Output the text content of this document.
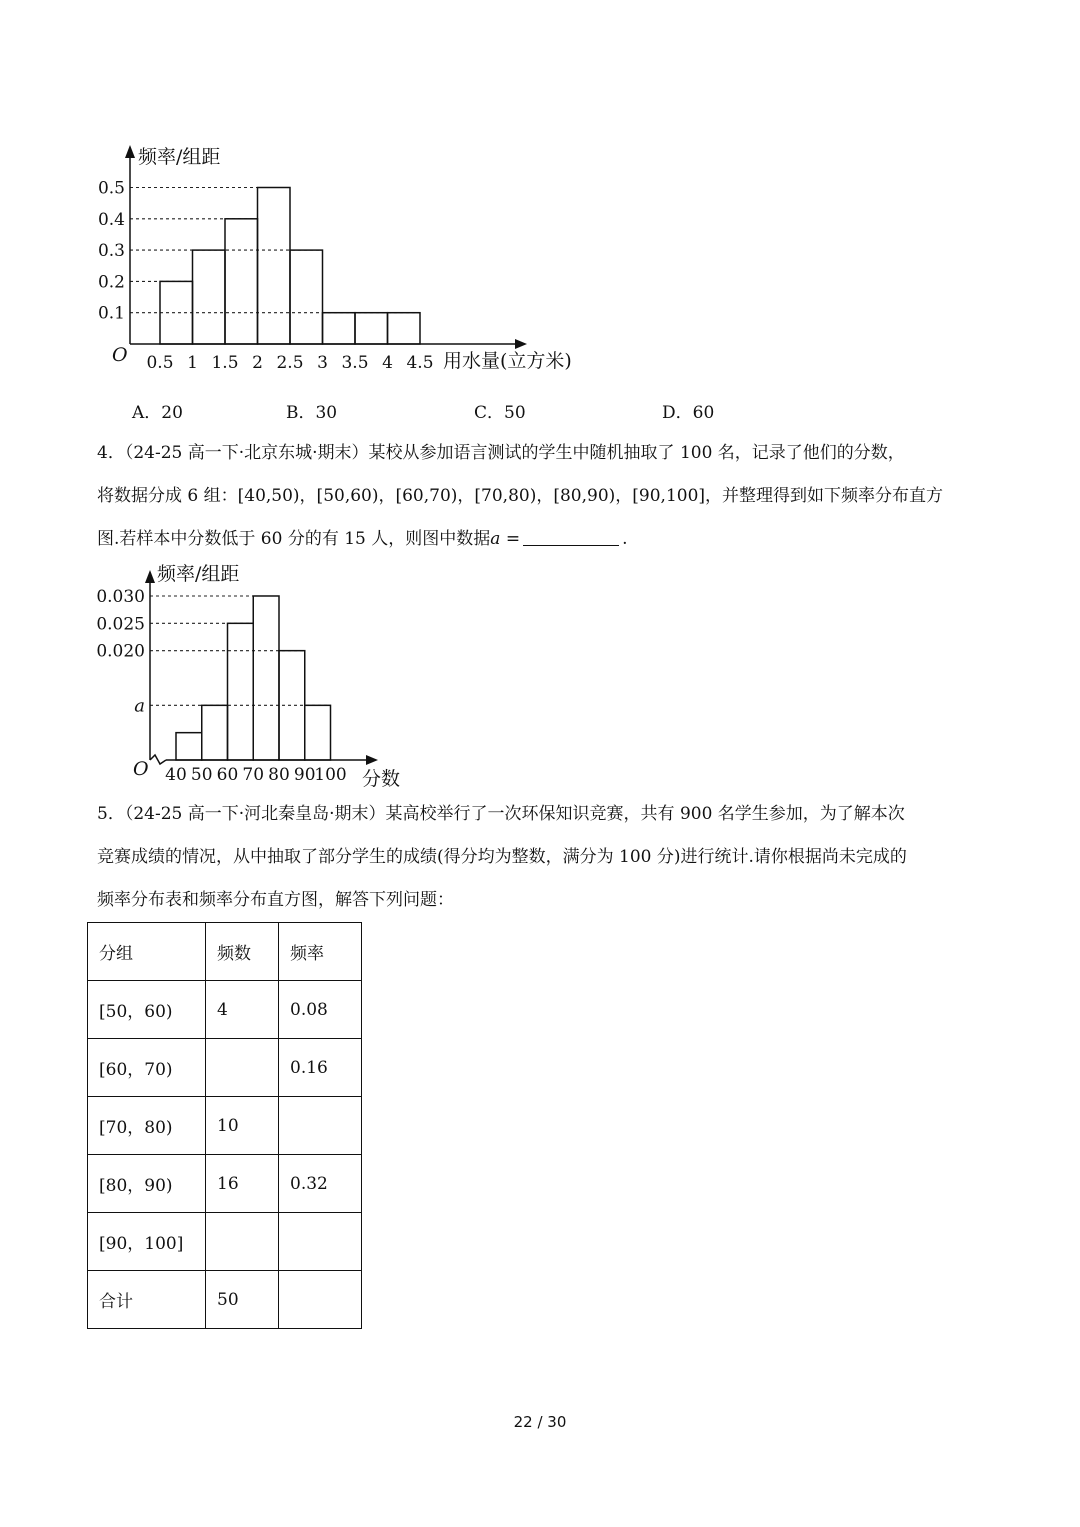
频率/组距
用水量(立方米)
O
0.1
0.2
0.3
0.4
0.5
0.5 1 1.5 2 2.5 3 3.5 4 4.5
A．20	B．30	C．50	D．60

4．（24-25 高一下·北京东城·期末）某校从参加语言测试的学生中随机抽取了 100 名，记录了他们的分数，

将数据分成 6 组：[40,50)，[50,60)，[60,70)，[70,80)，[80,90)，[90,100]，并整理得到如下频率分布直方

图.若样本中分数低于 60 分的有 15 人，则图中数据a =	.

频率/组距
分数
O
a
0.020
0.025
0.030
40 50 60 70 80 90
100

5．（24-25 高一下·河北秦皇岛·期末）某高校举行了一次环保知识竞赛，共有 900 名学生参加，为了解本次

竞赛成绩的情况，从中抽取了部分学生的成绩(得分均为整数，满分为 100 分)进行统计.请你根据尚未完成的

频率分布表和频率分布直方图，解答下列问题：

分组	频数	频率
[50，60)	4	0.08
[60，70)		0.16
[70，80)	10	
[80，90)	16	0.32
[90，100]		
合计	50	
22 / 30
